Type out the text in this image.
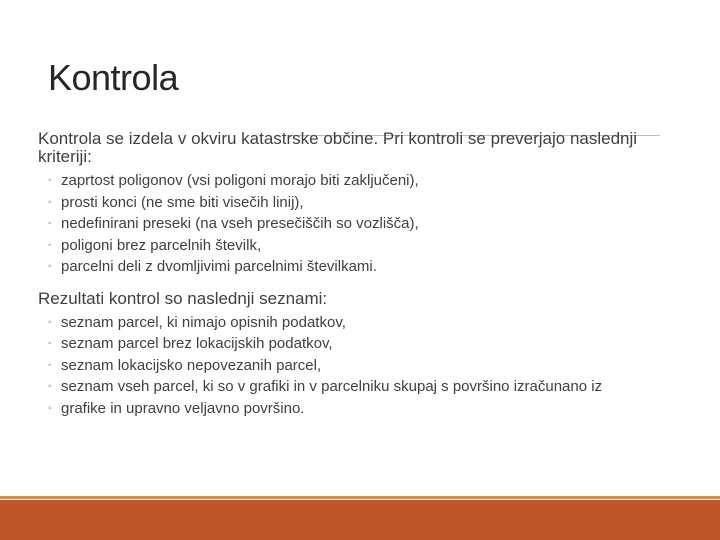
Kontrola

Kontrola se izdela v okviru katastrske občine. Pri kontroli se preverjajo naslednji kriteriji:

◦ zaprtost poligonov (vsi poligoni morajo biti zaključeni),
◦ prosti konci (ne sme biti visečih linij),
◦ nedefinirani preseki (na vseh presečiščih so vozlišča),
◦ poligoni brez parcelnih številk,
◦ parcelni deli z dvomljivimi parcelnimi številkami.

Rezultati kontrol so naslednji seznami:

◦ seznam parcel, ki nimajo opisnih podatkov,
◦ seznam parcel brez lokacijskih podatkov,
◦ seznam lokacijsko nepovezanih parcel,
◦ seznam vseh parcel, ki so v grafiki in v parcelniku skupaj s površino izračunano iz
◦ grafike in upravno veljavno površino.
